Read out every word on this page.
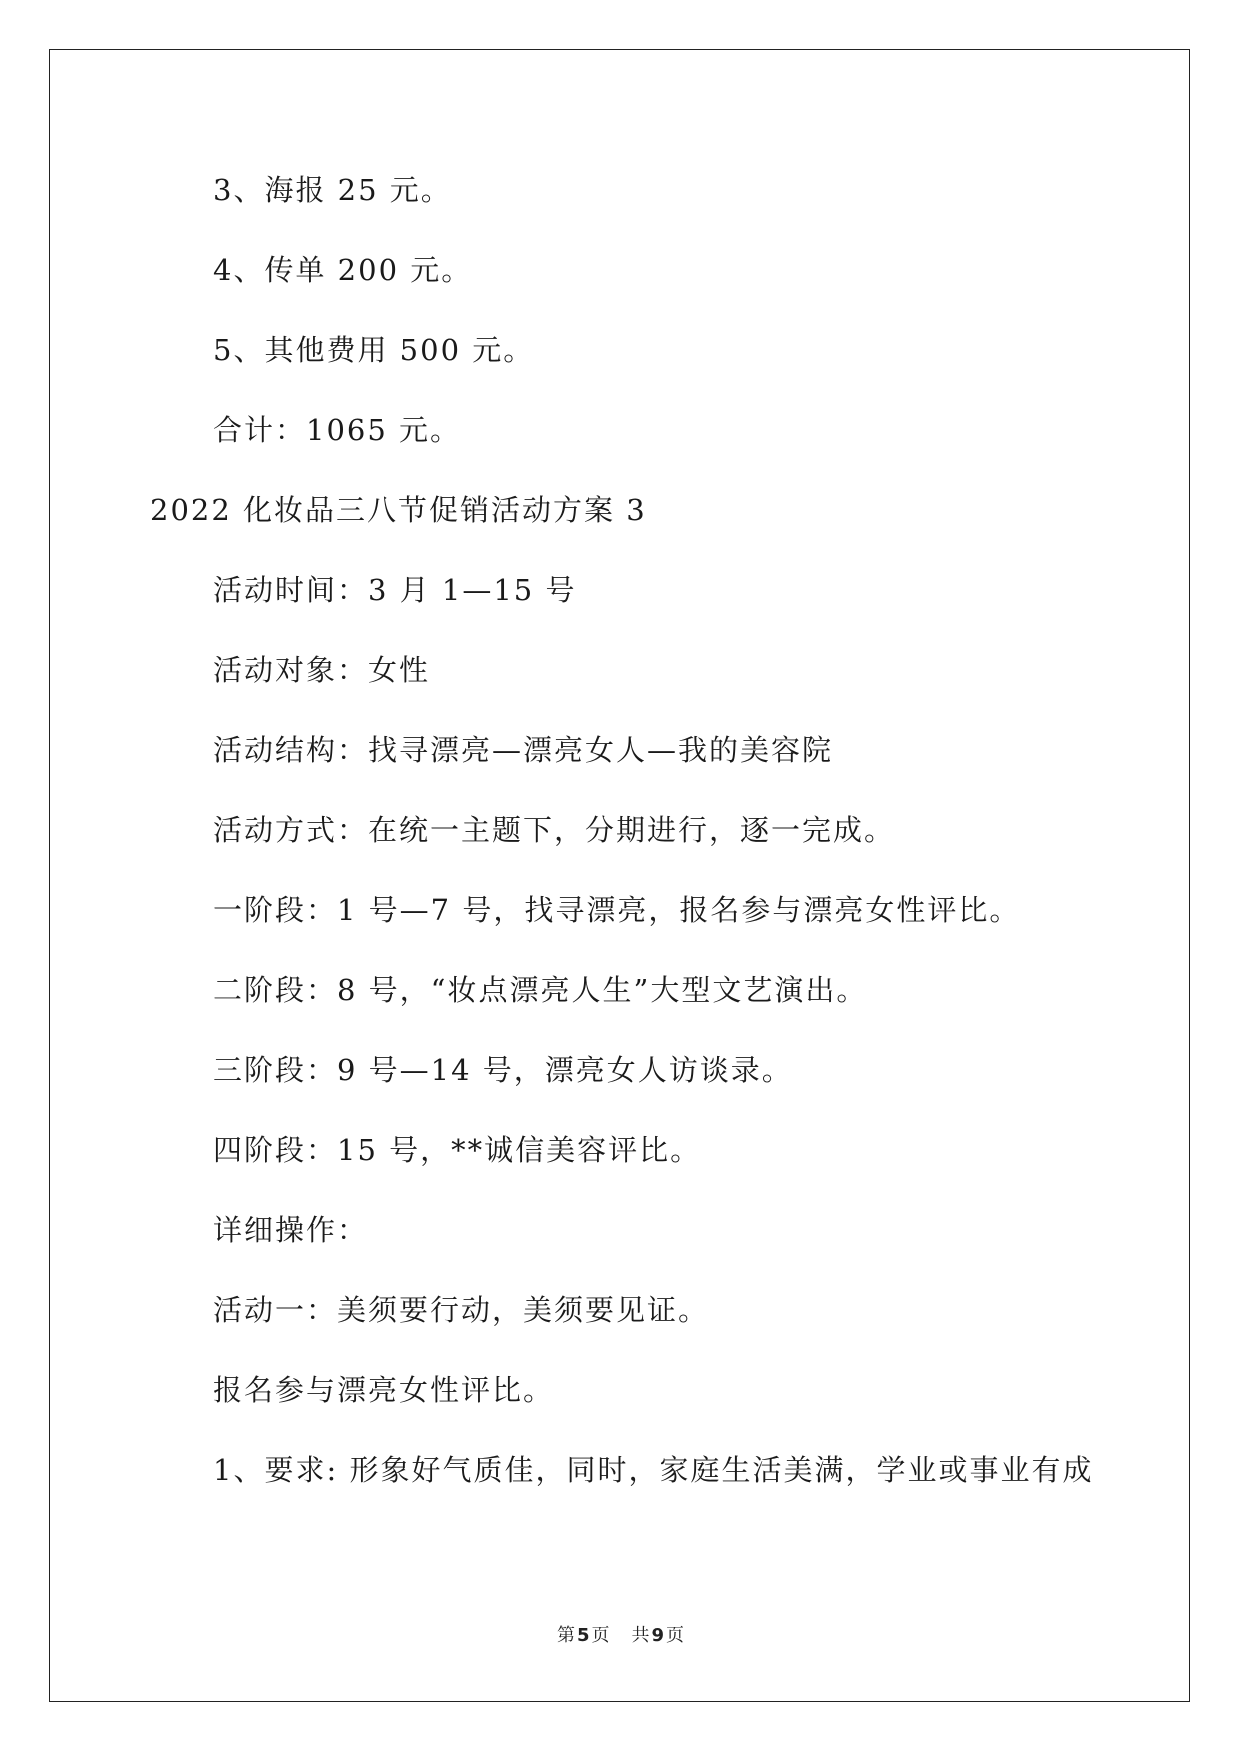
3、海报 25 元。
4、传单 200 元。
5、其他费用 500 元。
合计：1065 元。
2022 化妆品三八节促销活动方案 3
活动时间：3 月 1—15 号
活动对象：女性
活动结构：找寻漂亮—漂亮女人—我的美容院
活动方式：在统一主题下，分期进行，逐一完成。
一阶段：1 号—7 号，找寻漂亮，报名参与漂亮女性评比。
二阶段：8 号，“妆点漂亮人生”大型文艺演出。
三阶段：9 号—14 号，漂亮女人访谈录。
四阶段：15 号，**诚信美容评比。
详细操作：
活动一：美须要行动，美须要见证。
报名参与漂亮女性评比。
1、要求: 形象好气质佳，同时，家庭生活美满，学业或事业有成
第 5 页 共 9 页
